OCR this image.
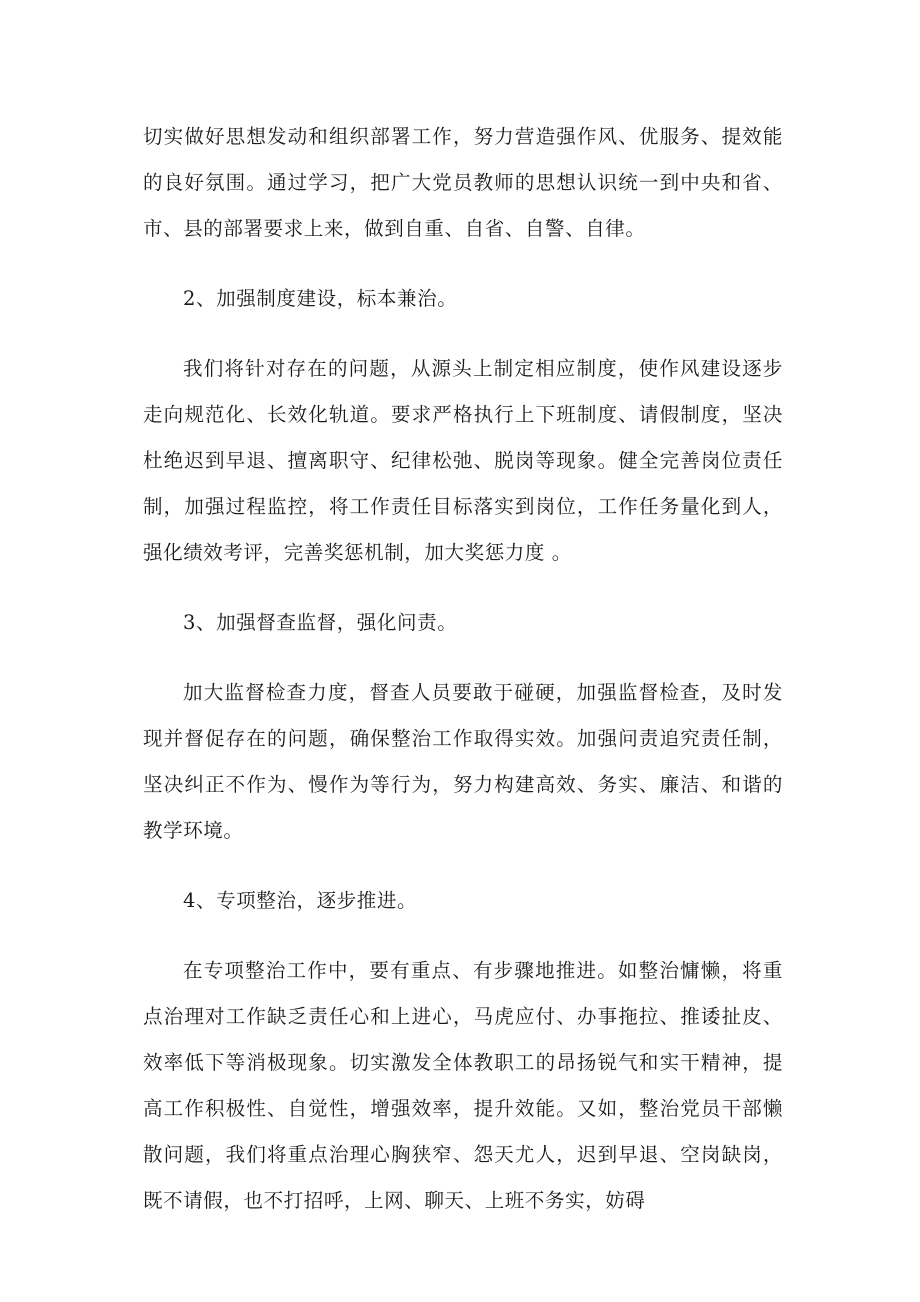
切实做好思想发动和组织部署工作，努力营造强作风、优服务、提效能的良好氛围。通过学习，把广大党员教师的思想认识统一到中央和省、市、县的部署要求上来，做到自重、自省、自警、自律。

2、加强制度建设，标本兼治。

我们将针对存在的问题，从源头上制定相应制度，使作风建设逐步走向规范化、长效化轨道。要求严格执行上下班制度、请假制度，坚决杜绝迟到早退、擅离职守、纪律松弛、脱岗等现象。健全完善岗位责任制，加强过程监控，将工作责任目标落实到岗位，工作任务量化到人，强化绩效考评，完善奖惩机制，加大奖惩力度 。

3、加强督查监督，强化问责。

加大监督检查力度，督查人员要敢于碰硬，加强监督检查，及时发现并督促存在的问题，确保整治工作取得实效。加强问责追究责任制，坚决纠正不作为、慢作为等行为，努力构建高效、务实、廉洁、和谐的教学环境。

4、专项整治，逐步推进。

在专项整治工作中，要有重点、有步骤地推进。如整治慵懒，将重点治理对工作缺乏责任心和上进心，马虎应付、办事拖拉、推诿扯皮、效率低下等消极现象。切实激发全体教职工的昂扬锐气和实干精神，提高工作积极性、自觉性，增强效率，提升效能。又如，整治党员干部懒散问题，我们将重点治理心胸狭窄、怨天尤人，迟到早退、空岗缺岗，既不请假，也不打招呼，上网、聊天、上班不务实，妨碍
